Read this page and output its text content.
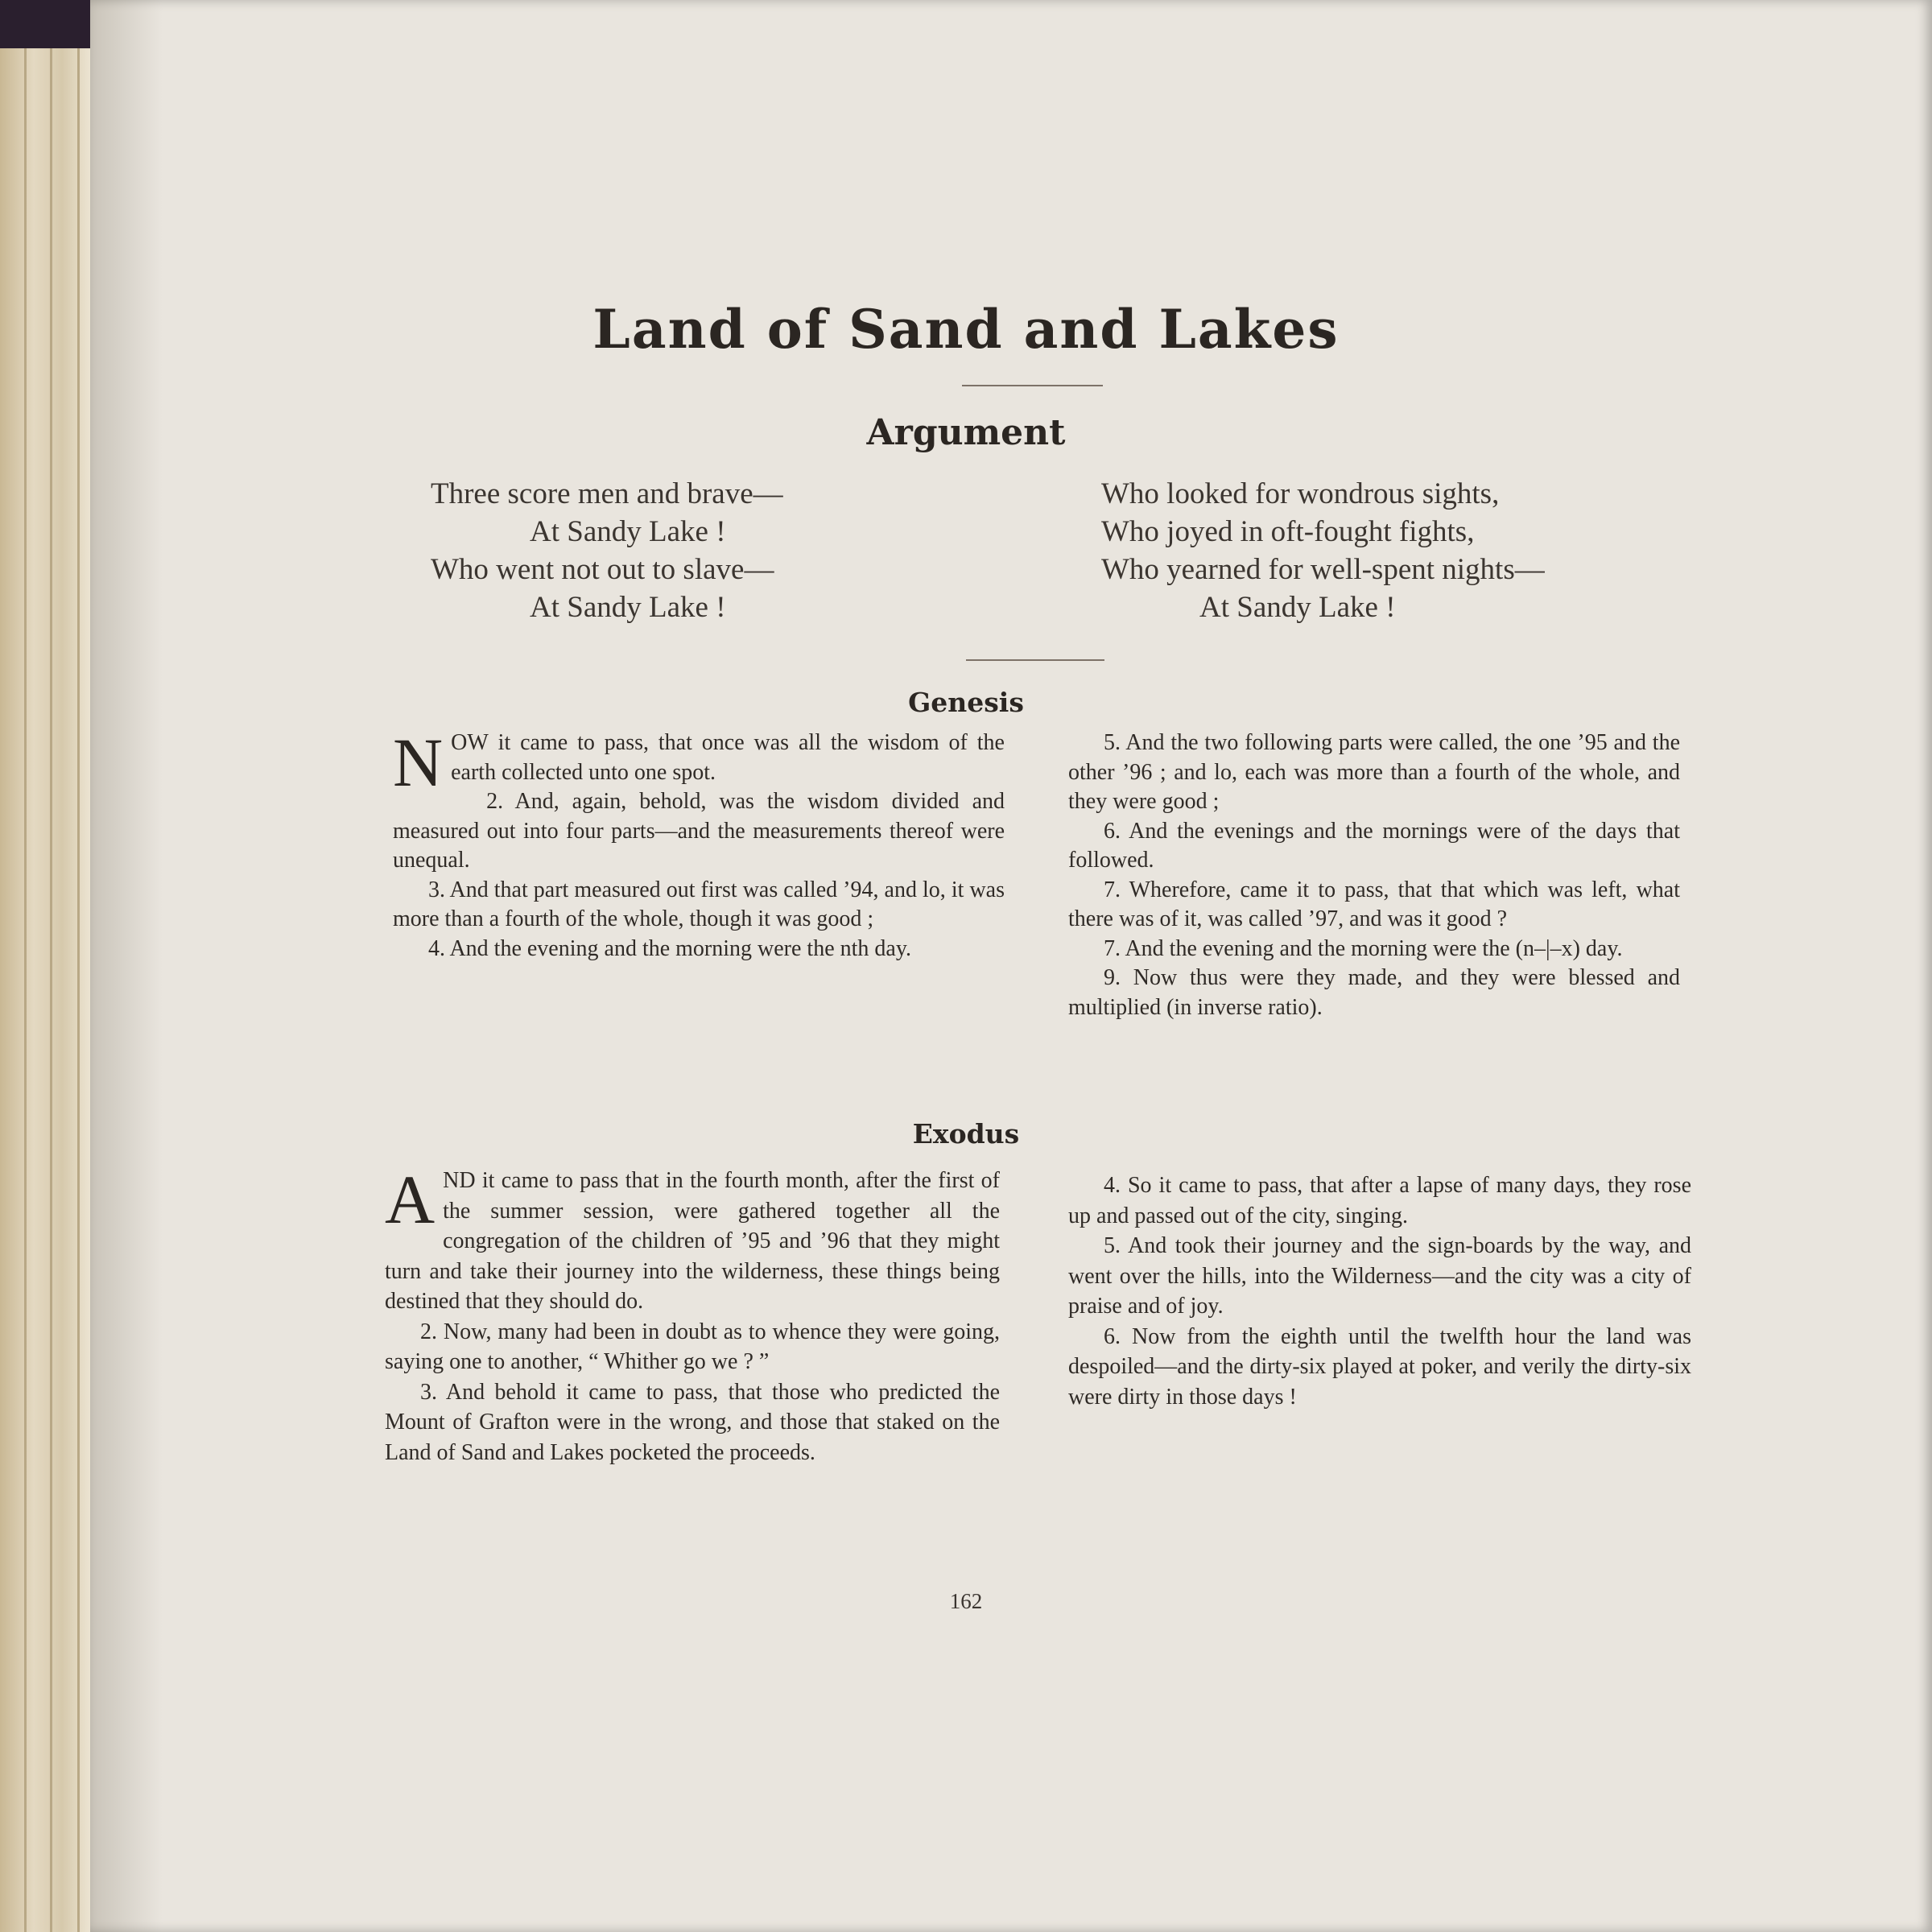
Land of Sand and Lakes
Argument
Three score men and brave—
At Sandy Lake !
Who went not out to slave—
At Sandy Lake !
Who looked for wondrous sights,
Who joyed in oft-fought fights,
Who yearned for well-spent nights—
At Sandy Lake !
Genesis

NOW it came to pass, that once was all the wisdom of the earth collected unto one spot.

2. And, again, behold, was the wisdom divided and measured out into four parts—and the measurements thereof were unequal.

3. And that part measured out first was called ’94, and lo, it was more than a fourth of the whole, though it was good ;

4. And the evening and the morning were the nth day.

5. And the two following parts were called, the one ’95 and the other ’96 ; and lo, each was more than a fourth of the whole, and they were good ;

6. And the evenings and the mornings were of the days that followed.

7. Wherefore, came it to pass, that that which was left, what there was of it, was called ’97, and was it good ?

7. And the evening and the morning were the (n–|–x) day.

9. Now thus were they made, and they were blessed and multiplied (in inverse ratio).

Exodus

AND it came to pass that in the fourth month, after the first of the summer session, were gathered together all the congregation of the children of ’95 and ’96 that they might turn and take their journey into the wilderness, these things being destined that they should do.

2. Now, many had been in doubt as to whence they were going, saying one to another, “ Whither go we ? ”

3. And behold it came to pass, that those who predicted the Mount of Grafton were in the wrong, and those that staked on the Land of Sand and Lakes pocketed the proceeds.

4. So it came to pass, that after a lapse of many days, they rose up and passed out of the city, singing.

5. And took their journey and the sign-boards by the way, and went over the hills, into the Wilderness—and the city was a city of praise and of joy.

6. Now from the eighth until the twelfth hour the land was despoiled—and the dirty-six played at poker, and verily the dirty-six were dirty in those days !

162
